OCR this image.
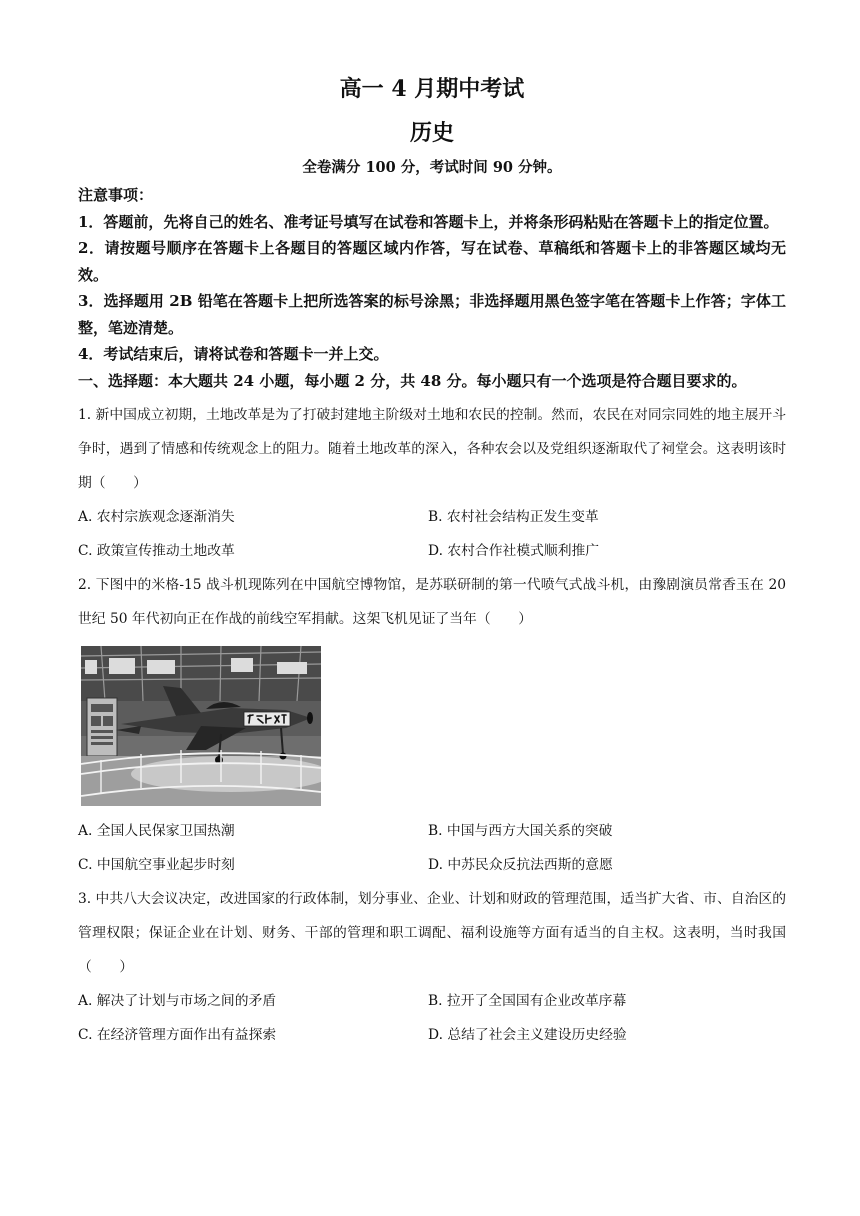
高一 4 月期中考试
历史
全卷满分 100 分，考试时间 90 分钟。
注意事项：
1．答题前，先将自己的姓名、准考证号填写在试卷和答题卡上，并将条形码粘贴在答题卡上的指定位置。
2．请按题号顺序在答题卡上各题目的答题区域内作答，写在试卷、草稿纸和答题卡上的非答题区域均无效。
3．选择题用 2B 铅笔在答题卡上把所选答案的标号涂黑；非选择题用黑色签字笔在答题卡上作答；字体工整，笔迹清楚。
4．考试结束后，请将试卷和答题卡一并上交。
一、选择题：本大题共 24 小题，每小题 2 分，共 48 分。每小题只有一个选项是符合题目要求的。
1. 新中国成立初期，土地改革是为了打破封建地主阶级对土地和农民的控制。然而，农民在对同宗同姓的地主展开斗争时，遇到了情感和传统观念上的阻力。随着土地改革的深入，各种农会以及党组织逐渐取代了祠堂会。这表明该时期（　　）
A. 农村宗族观念逐渐消失	B. 农村社会结构正发生变革
C. 政策宣传推动土地改革	D. 农村合作社模式顺利推广
2. 下图中的米格-15 战斗机现陈列在中国航空博物馆，是苏联研制的第一代喷气式战斗机，由豫剧演员常香玉在 20 世纪 50 年代初向正在作战的前线空军捐献。这架飞机见证了当年（　　）
A. 全国人民保家卫国热潮	B. 中国与西方大国关系的突破
C. 中国航空事业起步时刻	D. 中苏民众反抗法西斯的意愿
3. 中共八大会议决定，改进国家的行政体制，划分事业、企业、计划和财政的管理范围，适当扩大省、市、自治区的管理权限；保证企业在计划、财务、干部的管理和职工调配、福利设施等方面有适当的自主权。这表明，当时我国（　　）
A. 解决了计划与市场之间的矛盾	B. 拉开了全国国有企业改革序幕
C. 在经济管理方面作出有益探索	D. 总结了社会主义建设历史经验
